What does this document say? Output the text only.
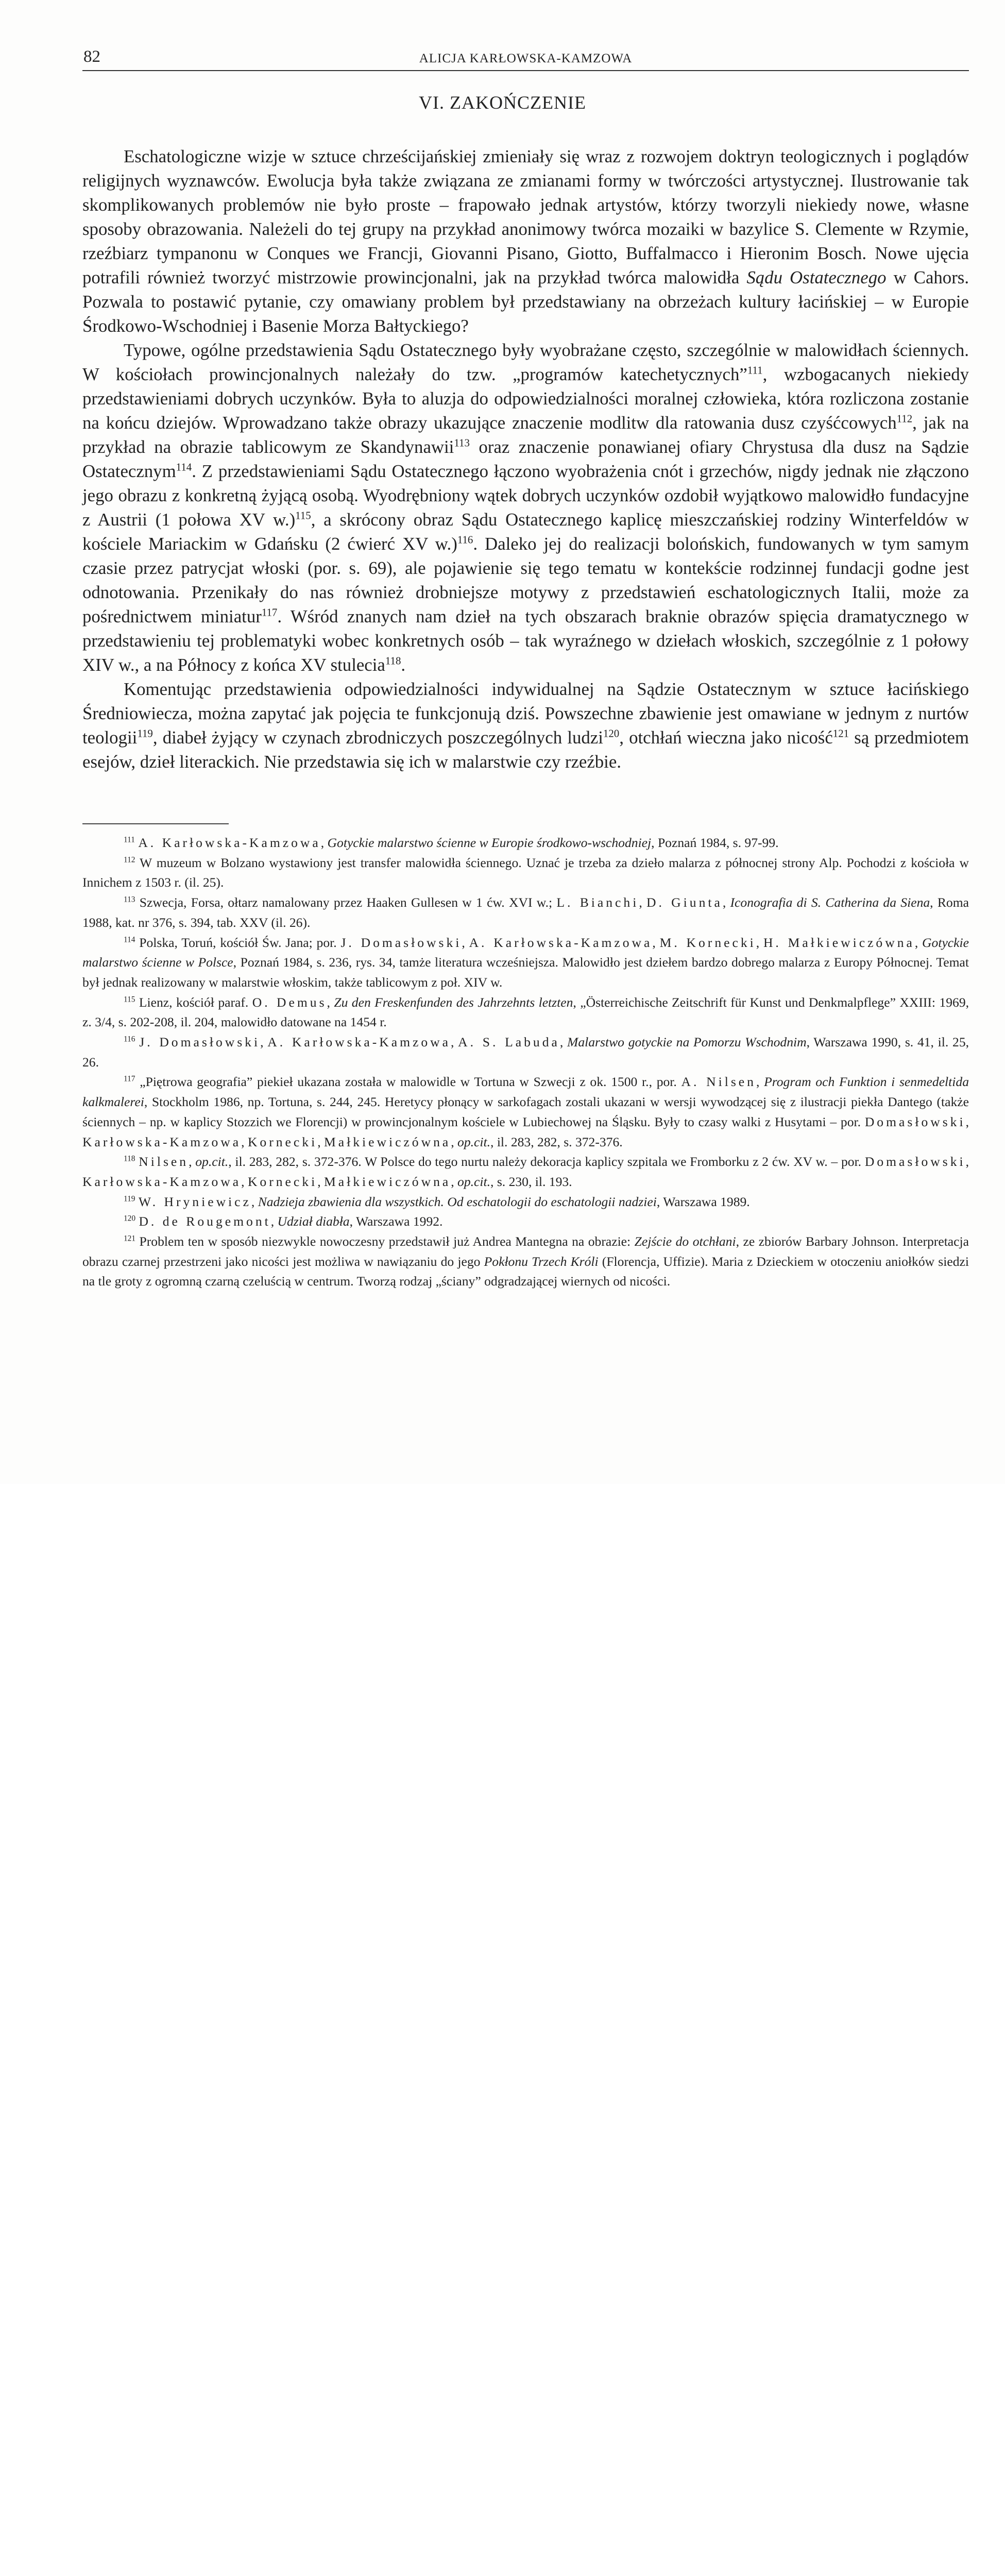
82	ALICJA KARŁOWSKA-KAMZOWA
VI. ZAKOŃCZENIE

Eschatologiczne wizje w sztuce chrześcijańskiej zmieniały się wraz z rozwojem doktryn teologicznych i poglądów religijnych wyznawców. Ewolucja była także związana ze zmianami formy w twórczości artystycznej. Ilustrowanie tak skomplikowanych problemów nie było proste – frapowało jednak artystów, którzy tworzyli niekiedy nowe, własne sposoby obrazowania. Należeli do tej grupy na przykład anonimowy twórca mozaiki w bazylice S. Clemente w Rzymie, rzeźbiarz tympanonu w Conques we Francji, Giovanni Pisano, Giotto, Buffalmacco i Hieronim Bosch. Nowe ujęcia potrafili również tworzyć mistrzowie prowincjonalni, jak na przykład twórca malowidła Sądu Ostatecznego w Cahors. Pozwala to postawić pytanie, czy omawiany problem był przedstawiany na obrzeżach kultury łacińskiej – w Europie Środkowo-Wschodniej i Basenie Morza Bałtyckiego?

Typowe, ogólne przedstawienia Sądu Ostatecznego były wyobrażane często, szczególnie w malowidłach ściennych. W kościołach prowincjonalnych należały do tzw. „programów katechetycznych”$^{111}$, wzbogacanych niekiedy przedstawieniami dobrych uczynków. Była to aluzja do odpowiedzialności moralnej człowieka, która rozliczona zostanie na końcu dziejów. Wprowadzano także obrazy ukazujące znaczenie modlitw dla ratowania dusz czyśćcowych$^{112}$, jak na przykład na obrazie tablicowym ze Skandynawii$^{113}$ oraz znaczenie ponawianej ofiary Chrystusa dla dusz na Sądzie Ostatecznym$^{114}$. Z przedstawieniami Sądu Ostatecznego łączono wyobrażenia cnót i grzechów, nigdy jednak nie złączono jego obrazu z konkretną żyjącą osobą. Wyodrębniony wątek dobrych uczynków ozdobił wyjątkowo malowidło fundacyjne z Austrii (1 połowa XV w.)$^{115}$, a skrócony obraz Sądu Ostatecznego kaplicę mieszczańskiej rodziny Winterfeldów w kościele Mariackim w Gdańsku (2 ćwierć XV w.)$^{116}$. Daleko jej do realizacji bolońskich, fundowanych w tym samym czasie przez patrycjat włoski (por. s. 69), ale pojawienie się tego tematu w kontekście rodzinnej fundacji godne jest odnotowania. Przenikały do nas również drobniejsze motywy z przedstawień eschatologicznych Italii, może za pośrednictwem miniatur$^{117}$. Wśród znanych nam dzieł na tych obszarach braknie obrazów spięcia dramatycznego w przedstawieniu tej problematyki wobec konkretnych osób – tak wyraźnego w dziełach włoskich, szczególnie z 1 połowy XIV w., a na Północy z końca XV stulecia$^{118}$.

Komentując przedstawienia odpowiedzialności indywidualnej na Sądzie Ostatecznym w sztuce łacińskiego Średniowiecza, można zapytać jak pojęcia te funkcjonują dziś. Powszechne zbawienie jest omawiane w jednym z nurtów teologii$^{119}$, diabeł żyjący w czynach zbrodniczych poszczególnych ludzi$^{120}$, otchłań wieczna jako nicość$^{121}$ są przedmiotem esejów, dzieł literackich. Nie przedstawia się ich w malarstwie czy rzeźbie.

$^{111}$ A. Karłowska-Kamzowa, Gotyckie malarstwo ścienne w Europie środkowo-wschodniej, Poznań 1984, s. 97-99.

$^{112}$ W muzeum w Bolzano wystawiony jest transfer malowidła ściennego. Uznać je trzeba za dzieło malarza z północnej strony Alp. Pochodzi z kościoła w Innichem z 1503 r. (il. 25).

$^{113}$ Szwecja, Forsa, ołtarz namalowany przez Haaken Gullesen w 1 ćw. XVI w.; L. Bianchi, D. Giunta, Iconografia di S. Catherina da Siena, Roma 1988, kat. nr 376, s. 394, tab. XXV (il. 26).

$^{114}$ Polska, Toruń, kościół Św. Jana; por. J. Domasłowski, A. Karłowska-Kamzowa, M. Kornecki, H. Małkiewiczówna, Gotyckie malarstwo ścienne w Polsce, Poznań 1984, s. 236, rys. 34, tamże literatura wcześniejsza. Malowidło jest dziełem bardzo dobrego malarza z Europy Północnej. Temat był jednak realizowany w malarstwie włoskim, także tablicowym z poł. XIV w.

$^{115}$ Lienz, kościół paraf. O. Demus, Zu den Freskenfunden des Jahrzehnts letzten, „Österreichische Zeitschrift für Kunst und Denkmalpflege” XXIII: 1969, z. 3/4, s. 202-208, il. 204, malowidło datowane na 1454 r.

$^{116}$ J. Domasłowski, A. Karłowska-Kamzowa, A. S. Labuda, Malarstwo gotyckie na Pomorzu Wschodnim, Warszawa 1990, s. 41, il. 25, 26.

$^{117}$ „Piętrowa geografia” piekieł ukazana została w malowidle w Tortuna w Szwecji z ok. 1500 r., por. A. Nilsen, Program och Funktion i senmedeltida kalkmalerei, Stockholm 1986, np. Tortuna, s. 244, 245. Heretycy płonący w sarkofagach zostali ukazani w wersji wywodzącej się z ilustracji piekła Dantego (także ściennych – np. w kaplicy Stozzich we Florencji) w prowincjonalnym kościele w Lubiechowej na Śląsku. Były to czasy walki z Husytami – por. Domasłowski, Karłowska-Kamzowa, Kornecki, Małkiewiczówna, op.cit., il. 283, 282, s. 372-376.

$^{118}$ Nilsen, op.cit., il. 283, 282, s. 372-376. W Polsce do tego nurtu należy dekoracja kaplicy szpitala we Fromborku z 2 ćw. XV w. – por. Domasłowski, Karłowska-Kamzowa, Kornecki, Małkiewiczówna, op.cit., s. 230, il. 193.

$^{119}$ W. Hryniewicz, Nadzieja zbawienia dla wszystkich. Od eschatologii do eschatologii nadziei, Warszawa 1989.

$^{120}$ D. de Rougemont, Udział diabła, Warszawa 1992.

$^{121}$ Problem ten w sposób niezwykle nowoczesny przedstawił już Andrea Mantegna na obrazie: Zejście do otchłani, ze zbiorów Barbary Johnson. Interpretacja obrazu czarnej przestrzeni jako nicości jest możliwa w nawiązaniu do jego Pokłonu Trzech Króli (Florencja, Uffizie). Maria z Dzieckiem w otoczeniu aniołków siedzi na tle groty z ogromną czarną czeluścią w centrum. Tworzą rodzaj „ściany” odgradzającej wiernych od nicości.
